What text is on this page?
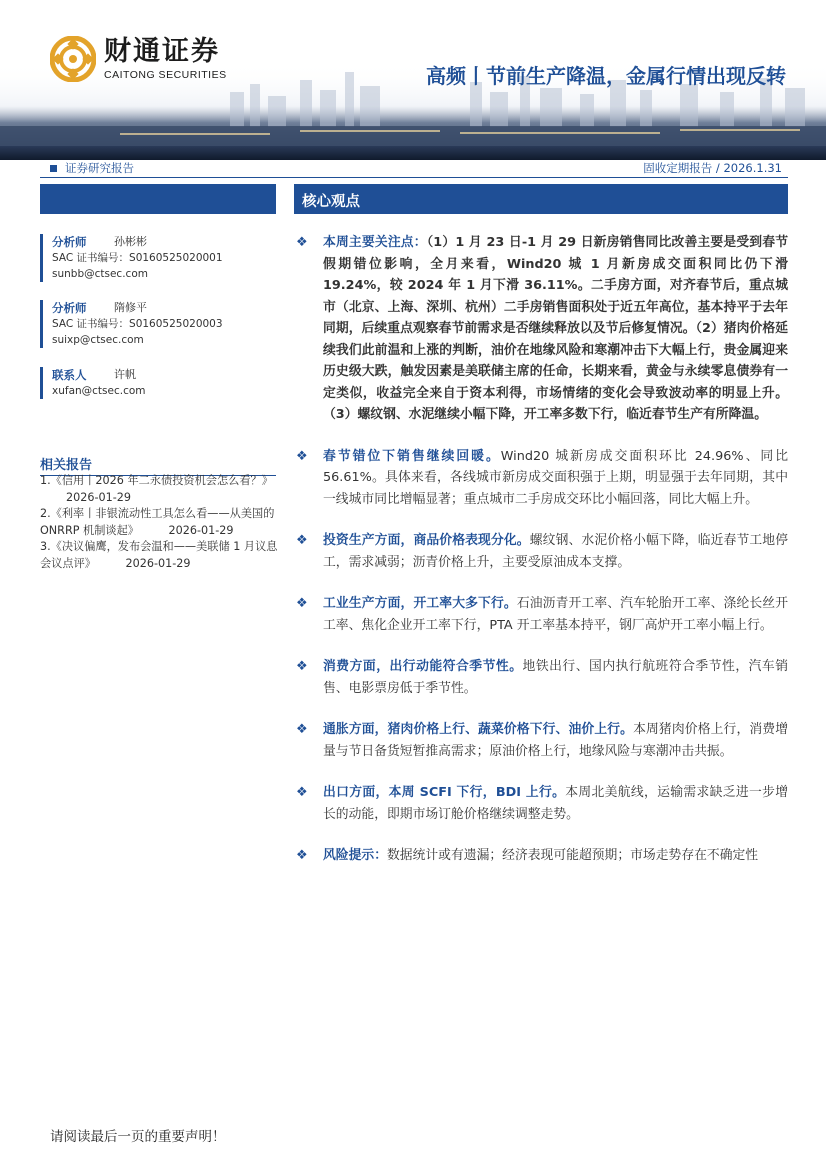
财通证券
CAITONG SECURITIES	高频丨节前生产降温，金属行情出现反转
证券研究报告	固收定期报告 / 2026.1.31
核心观点
分析师	孙彬彬
SAC 证书编号：S0160525020001
sunbb@ctsec.com
分析师	隋修平
SAC 证书编号：S0160525020003
suixp@ctsec.com
联系人	许帆
xufan@ctsec.com
相关报告
1.《信用丨2026 年二永债投资机会怎么看？》 2026-01-29
2.《利率丨非银流动性工具怎么看——从美国的 ONRRP 机制谈起》	2026-01-29
3.《决议偏鹰，发布会温和——美联储 1 月议息会议点评》	2026-01-29
❖ 本周主要关注点：（1）1 月 23 日-1 月 29 日新房销售同比改善主要是受到春节假期错位影响，全月来看，Wind20 城 1 月新房成交面积同比仍下滑 19.24%，较 2024 年 1 月下滑 36.11%。二手房方面，对齐春节后，重点城市（北京、上海、深圳、杭州）二手房销售面积处于近五年高位，基本持平于去年同期，后续重点观察春节前需求是否继续释放以及节后修复情况。（2）猪肉价格延续我们此前温和上涨的判断，油价在地缘风险和寒潮冲击下大幅上行，贵金属迎来历史级大跌，触发因素是美联储主席的任命，长期来看，黄金与永续零息债券有一定类似，收益完全来自于资本利得，市场情绪的变化会导致波动率的明显上升。（3）螺纹钢、水泥继续小幅下降，开工率多数下行，临近春节生产有所降温。
❖ 春节错位下销售继续回暖。Wind20 城新房成交面积环比 24.96%、同比 56.61%。具体来看，各线城市新房成交面积强于上期，明显强于去年同期，其中一线城市同比增幅显著；重点城市二手房成交环比小幅回落，同比大幅上升。
❖ 投资生产方面，商品价格表现分化。螺纹钢、水泥价格小幅下降，临近春节工地停工，需求减弱；沥青价格上升，主要受原油成本支撑。
❖ 工业生产方面，开工率大多下行。石油沥青开工率、汽车轮胎开工率、涤纶长丝开工率、焦化企业开工率下行，PTA 开工率基本持平，钢厂高炉开工率小幅上行。
❖ 消费方面，出行动能符合季节性。地铁出行、国内执行航班符合季节性，汽车销售、电影票房低于季节性。
❖ 通胀方面，猪肉价格上行、蔬菜价格下行、油价上行。本周猪肉价格上行，消费增量与节日备货短暂推高需求；原油价格上行，地缘风险与寒潮冲击共振。
❖ 出口方面，本周 SCFI 下行，BDI 上行。本周北美航线，运输需求缺乏进一步增长的动能，即期市场订舱价格继续调整走势。
❖ 风险提示：数据统计或有遗漏；经济表现可能超预期；市场走势存在不确定性
请阅读最后一页的重要声明！
